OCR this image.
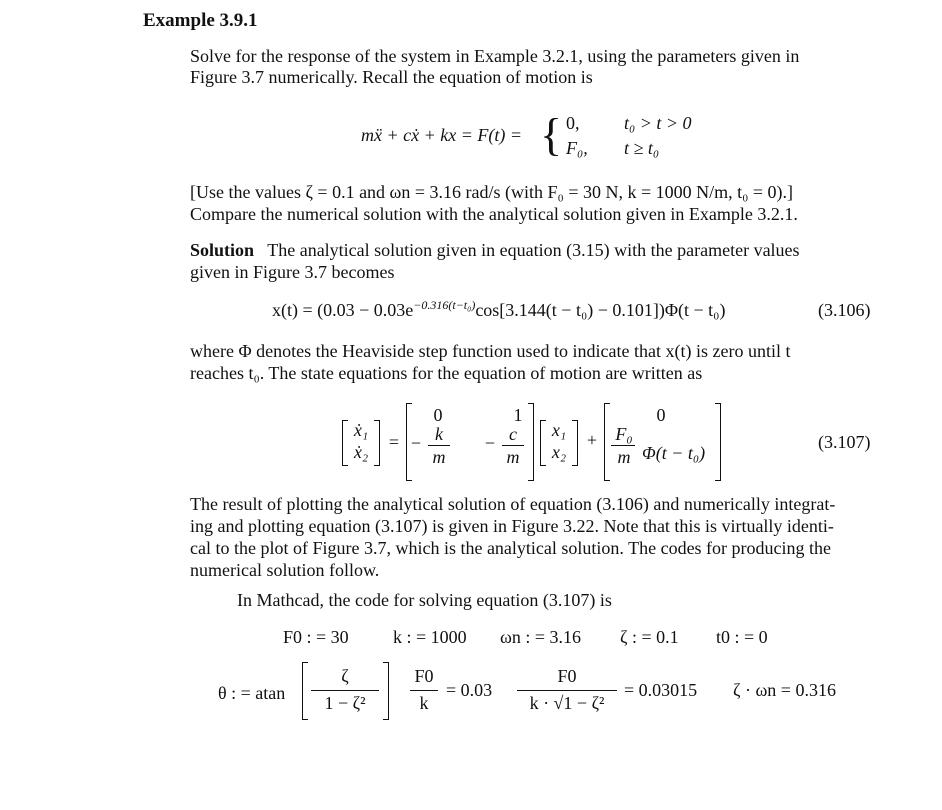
Example 3.9.1
Solve for the response of the system in Example 3.2.1, using the parameters given in
Figure 3.7 numerically. Recall the equation of motion is
mẍ + cẋ + kx = F(t) = { 0, t₀ > t > 0
F₀, t ≥ t₀
[Use the values ζ = 0.1 and ωn = 3.16 rad/s (with F₀ = 30 N, k = 1000 N/m, t₀ = 0).]
Compare the numerical solution with the analytical solution given in Example 3.2.1.
Solution The analytical solution given in equation (3.15) with the parameter values
given in Figure 3.7 becomes
$x(t) = (0.03 - 0.03e^{-0.316(t-t_0)}\cos[3.144(t - t_0) - 0.101])\Phi(t - t_0)$	(3.106)
where Φ denotes the Heaviside step function used to indicate that x(t) is zero until t
reaches t₀. The state equations for the equation of motion are written as
ẋ₁
ẋ₂	=
0	1
− k
m
− c
m
x₁
x₂
+
0
F₀
m Φ(t − t₀)
(3.107)
The result of plotting the analytical solution of equation (3.106) and numerically integrat-
ing and plotting equation (3.107) is given in Figure 3.22. Note that this is virtually identi-
cal to the plot of Figure 3.7, which is the analytical solution. The codes for producing the
numerical solution follow.
In Mathcad, the code for solving equation (3.107) is
F0 : = 30 k : = 1000 ωn : = 3.16 ζ : = 0.1 t0 : = 0
θ : = atan
ζ
1 − ζ²
F0
k
= 0.03
F0
k · √1 − ζ²
= 0.03015 ζ · ωn = 0.316
